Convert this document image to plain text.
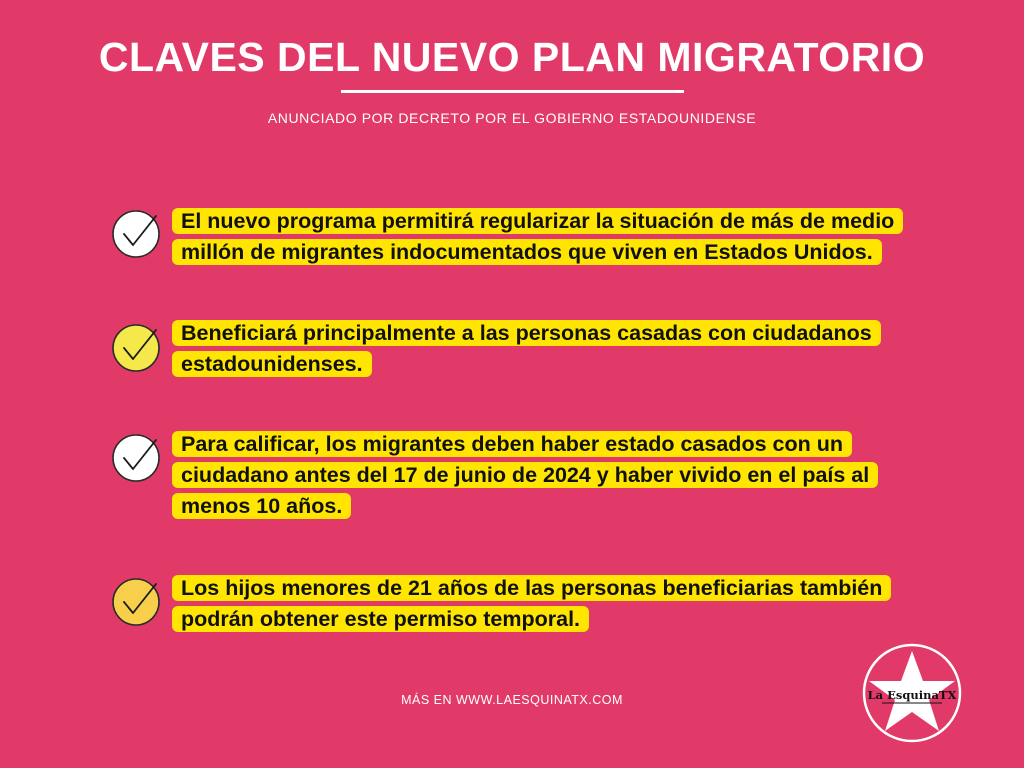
CLAVES DEL NUEVO PLAN MIGRATORIO
ANUNCIADO POR DECRETO POR EL GOBIERNO ESTADOUNIDENSE
El nuevo programa permitirá regularizar la situación de más de medio millón de migrantes indocumentados que viven en Estados Unidos.
Beneficiará principalmente a las personas casadas con ciudadanos estadounidenses.
Para calificar, los migrantes deben haber estado casados con un ciudadano antes del 17 de junio de 2024 y haber vivido en el país al menos 10 años.
Los hijos menores de 21 años de las personas beneficiarias también podrán obtener este permiso temporal.
MÁS EN WWW.LAESQUINATX.COM	La EsquinaTX
